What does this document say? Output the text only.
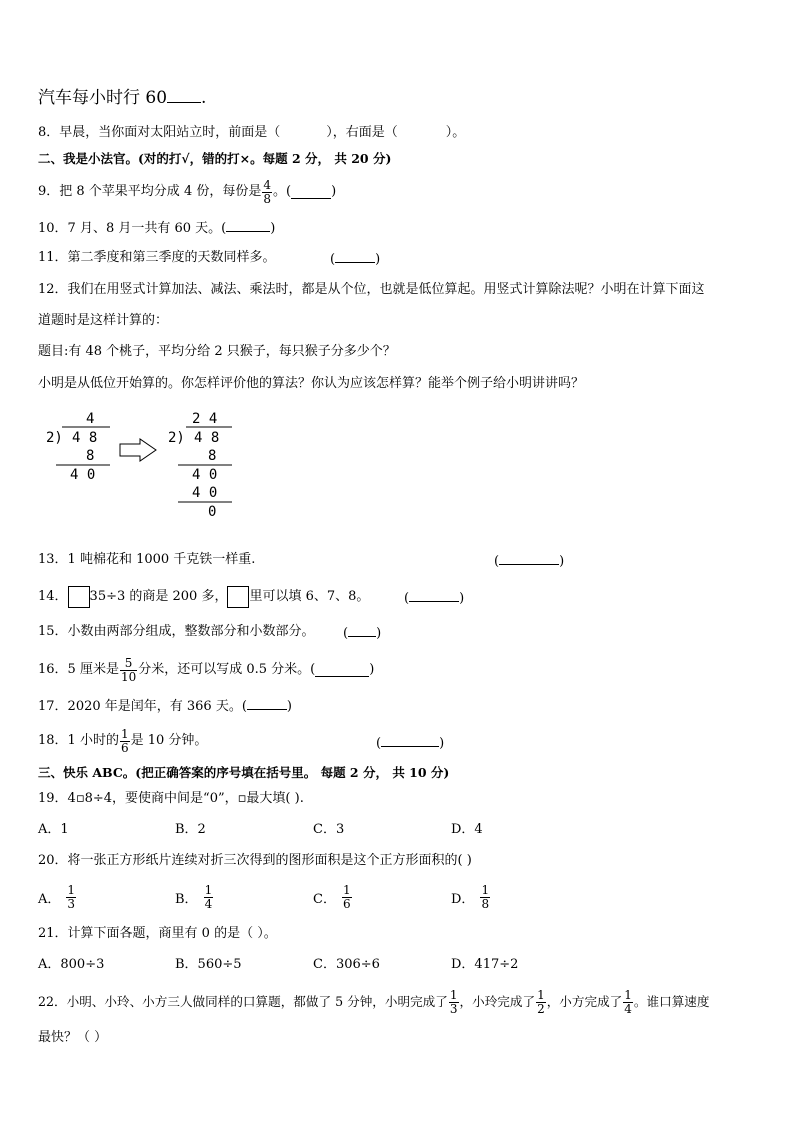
汽车每小时行 60 .
8．早晨，当你面对太阳站立时，前面是（	），右面是（	）。
二、我是小法官。(对的打√，错的打×。每题 2 分， 共 20 分)
9．把 8 个苹果平均分成 4 份，每份是 $\frac{4}{8}$ 。(	)
10．7 月、8 月一共有 60 天。(	)
11．第二季度和第三季度的天数同样多。	(	)
12．我们在用竖式计算加法、减法、乘法时，都是从个位，也就是低位算起。用竖式计算除法呢？小明在计算下面这
道题时是这样计算的：
题目:有 48 个桃子，平均分给 2 只猴子，每只猴子分多少个？
小明是从低位开始算的。你怎样评价他的算法？你认为应该怎样算？能举个例子给小明讲讲吗？
4
2) 4 8
8
4 0
2 4
2) 4 8
8
4 0
4 0
0
13．1 吨棉花和 1000 千克铁一样重.	(	)
14． 35÷3 的商是 200 多， 里可以填 6、7、8。	(	)
15．小数由两部分组成，整数部分和小数部分。 ( )
16．5 厘米是 $\frac{5}{10}$ 分米，还可以写成 0.5 分米。(	)
17．2020 年是闰年，有 366 天。(	)
18．1 小时的 $\frac{1}{6}$ 是 10 分钟。	(	)
三、快乐 ABC。(把正确答案的序号填在括号里。 每题 2 分， 共 10 分)
19．4▫8÷4，要使商中间是“0”，▫最大填( ).
A．1	B．2	C．3	D．4
20．将一张正方形纸片连续对折三次得到的图形面积是这个正方形面积的( )
A． $\frac{1}{3}$	B． $\frac{1}{4}$	C． $\frac{1}{6}$	D． $\frac{1}{8}$
21．计算下面各题，商里有 0 的是（ ）。
A．800÷3	B．560÷5	C．306÷6	D．417÷2
22．小明、小玲、小方三人做同样的口算题，都做了 5 分钟，小明完成了 $\frac{1}{3}$ ，小玲完成了 $\frac{1}{2}$ ，小方完成了 $\frac{1}{4}$ 。谁口算速度
最快？（ ）
